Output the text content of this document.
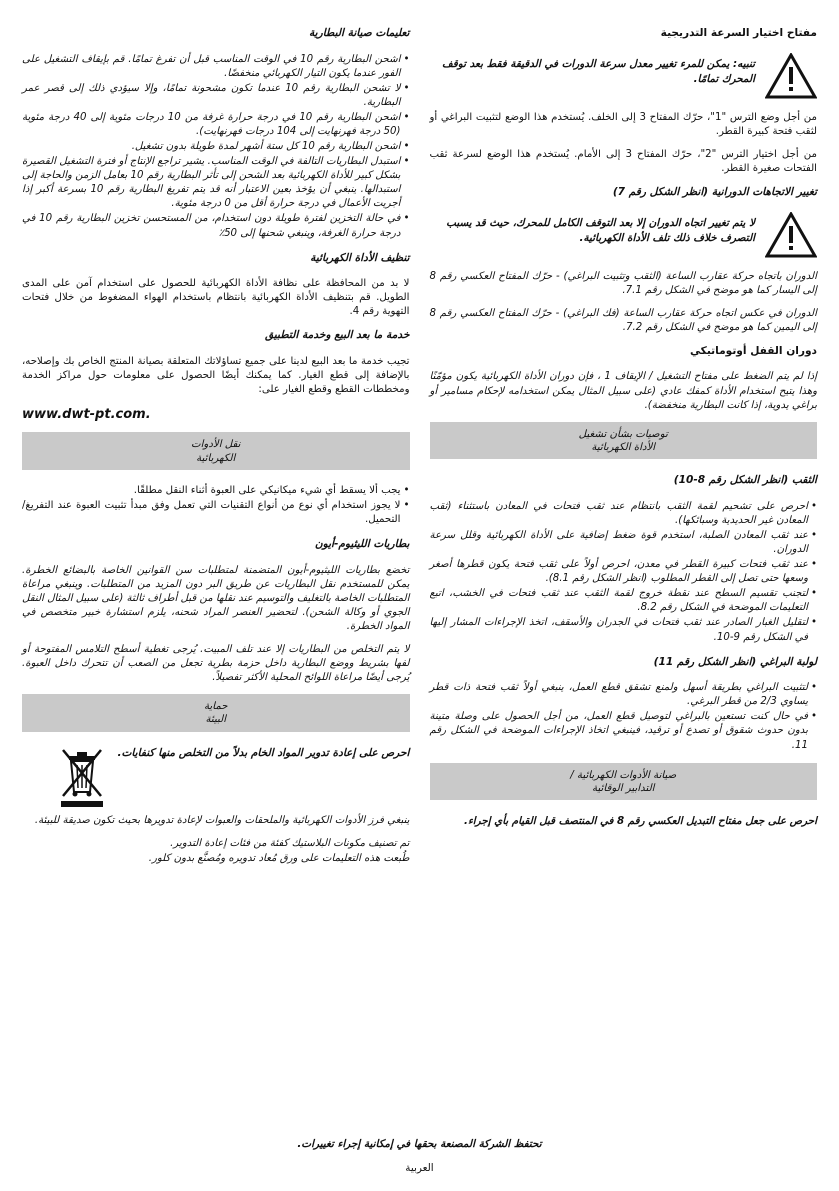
مفتاح اختيار السرعة التدريجية
تنبيه: يمكن للمرء تغيير معدل سرعة الدورات في الدقيقة فقط بعد توقف المحرك تمامًا.

من أجل وضع الترس "1"، حرّك المفتاح 3 إلى الخلف. يُستخدم هذا الوضع لتثبيت البراغي أو لثقب فتحة كبيرة القطر.

من أجل اختيار الترس "2"، حرّك المفتاح 3 إلى الأمام. يُستخدم هذا الوضع لسرعة ثقب الفتحات صغيرة القطر.

تغيير الاتجاهات الدورانية (انظر الشكل رقم 7)
لا يتم تغيير اتجاه الدوران إلا بعد التوقف الكامل للمحرك، حيث قد يسبب التصرف خلاف ذلك تلف الأداة الكهربائية.

الدوران باتجاه حركة عقارب الساعة (الثقب وتثبيت البراغي) - حرّك المفتاح العكسي رقم 8 إلى اليسار كما هو موضح في الشكل رقم 7.1.

الدوران في عكس اتجاه حركة عقارب الساعة (فك البراغي) - حرّك المفتاح العكسي رقم 8 إلى اليمين كما هو موضح في الشكل رقم 7.2.

دوران القفل أوتوماتيكي

إذا لم يتم الضغط على مفتاح التشغيل / الإيقاف 1 ، فإن دوران الأداة الكهربائية يكون مؤمّنًا وهذا يتيح استخدام الأداة كمفك عادي (على سبيل المثال يمكن استخدامه لإحكام مسامير أو براغي يدوية، إذا كانت البطارية منخفضة).

توصيات بشأن تشغيل
الأداة الكهربائية
الثقب (انظر الشكل رقم 8-10)
• احرص على تشحيم لقمة الثقب بانتظام عند ثقب فتحات في المعادن باستثناء (ثقب المعادن غير الحديدية وسبائكها).
• عند ثقب المعادن الصلبة، استخدم قوة ضغط إضافية على الأداة الكهربائية وقلل سرعة الدوران.
• عند ثقب فتحات كبيرة القطر في معدن، احرص أولاً على ثقب فتحة يكون قطرها أصغر وسعها حتى تصل إلى القطر المطلوب (انظر الشكل رقم 8.1).
• لتجنب تقسيم السطح عند نقطة خروج لقمة الثقب عند ثقب فتحات في الخشب، اتبع التعليمات الموضحة في الشكل رقم 8.2.
• لتقليل الغبار الصادر عند ثقب فتحات في الجدران والأسقف، اتخذ الإجراءات المشار إليها في الشكل رقم 9-10.
لولبة البراغي (انظر الشكل رقم 11)
• لتثبيت البراغي بطريقة أسهل ولمنع تشقق قطع العمل، ينبغي أولاً ثقب فتحة ذات قطر يساوي 2/3 من قطر البرغي.
• في حال كنت تستعين بالبراغي لتوصيل قطع العمل، من أجل الحصول على وصلة متينة بدون حدوث شقوق أو تصدع أو ترقيد، فينبغي اتخاذ الإجراءات الموضحة في الشكل رقم 11.
صيانة الأدوات الكهربائية /
التدابير الوقائية
احرص على جعل مفتاح التبديل العكسي رقم 8 في المنتصف قبل القيام بأي إجراء.
تعليمات صيانة البطارية
• اشحن البطارية رقم 10 في الوقت المناسب قبل أن تفرغ تمامًا. قم بإيقاف التشغيل على الفور عندما يكون التيار الكهربائي منخفضًا.
• لا تشحن البطارية رقم 10 عندما تكون مشحونة تمامًا، وإلا سيؤدي ذلك إلى قصر عمر البطارية.
• اشحن البطارية رقم 10 في درجة حرارة غرفة من 10 درجات مئوية إلى 40 درجة مئوية (50 درجة فهرنهايت إلى 104 درجات فهرنهايت).
• اشحن البطارية رقم 10 كل ستة أشهر لمدة طويلة بدون تشغيل.
• استبدل البطاريات التالفة في الوقت المناسب. يشير تراجع الإنتاج أو فترة التشغيل القصيرة بشكل كبير للأداة الكهربائية بعد الشحن إلى تأثر البطارية رقم 10 بعامل الزمن والحاجة إلى استبدالها. ينبغي أن يؤخذ بعين الاعتبار أنه قد يتم تفريغ البطارية رقم 10 بسرعة أكبر إذا أجريت الأعمال في درجة حرارة أقل من 0 درجة مئوية.
• في حالة التخزين لفترة طويلة دون استخدام، من المستحسن تخزين البطارية رقم 10 في درجة حرارة الغرفة، وينبغي شحنها إلى 50٪
تنظيف الأداة الكهربائية

لا بد من المحافظة على نظافة الأداة الكهربائية للحصول على استخدام آمن على المدى الطويل. قم بتنظيف الأداة الكهربائية بانتظام باستخدام الهواء المضغوط من خلال فتحات التهوية رقم 4.

خدمة ما بعد البيع وخدمة التطبيق

تجيب خدمة ما بعد البيع لدينا على جميع تساؤلاتك المتعلقة بصيانة المنتج الخاص بك وإصلاحه، بالإضافة إلى قطع الغيار. كما يمكنك أيضًا الحصول على معلومات حول مراكز الخدمة ومخططات القطع وقطع الغيار على:

www.dwt-pt.com.
نقل الأدوات
الكهربائية
• يجب ألا يسقط أي شيء ميكانيكي على العبوة أثناء النقل مطلقًا.
• لا يجوز استخدام أي نوع من أنواع التقنيات التي تعمل وفق مبدأ تثبيت العبوة عند التفريغ/التحميل.
بطاريات الليثيوم-أيون

تخضع بطاريات الليثيوم-أيون المتضمنة لمتطلبات سن القوانين الخاصة بالبضائع الخطرة. يمكن للمستخدم نقل البطاريات عن طريق البر دون المزيد من المتطلبات. وينبغي مراعاة المتطلبات الخاصة بالتغليف والتوسيم عند نقلها من قبل أطراف ثالثة (على سبيل المثال النقل الجوي أو وكالة الشحن). لتحضير العنصر المراد شحنه، يلزم استشارة خبير متخصص في المواد الخطرة.

لا يتم التخلص من البطاريات إلا عند تلف المبيت. يُرجى تغطية أسطح التلامس المفتوحة أو لفها بشريط ووضع البطارية داخل حزمة بطرية تجعل من الصعب أن تتحرك داخل العبوة. يُرجى أيضًا مراعاة اللوائح المحلية الأكثر تفصيلاً.

حماية
البيئة
احرص على إعادة تدوير المواد الخام بدلاً من التخلص منها كنفايات.

ينبغي فرز الأدوات الكهربائية والملحقات والعبوات لإعادة تدويرها بحيث تكون صديقة للبيئة.

تم تصنيف مكونات البلاستيك كفئة من فئات إعادة التدوير.

طُبعت هذه التعليمات على ورق مُعاد تدويره ومُصنَّع بدون كلور.

تحتفظ الشركة المصنعة بحقها في إمكانية إجراء تغييرات.
العربية
